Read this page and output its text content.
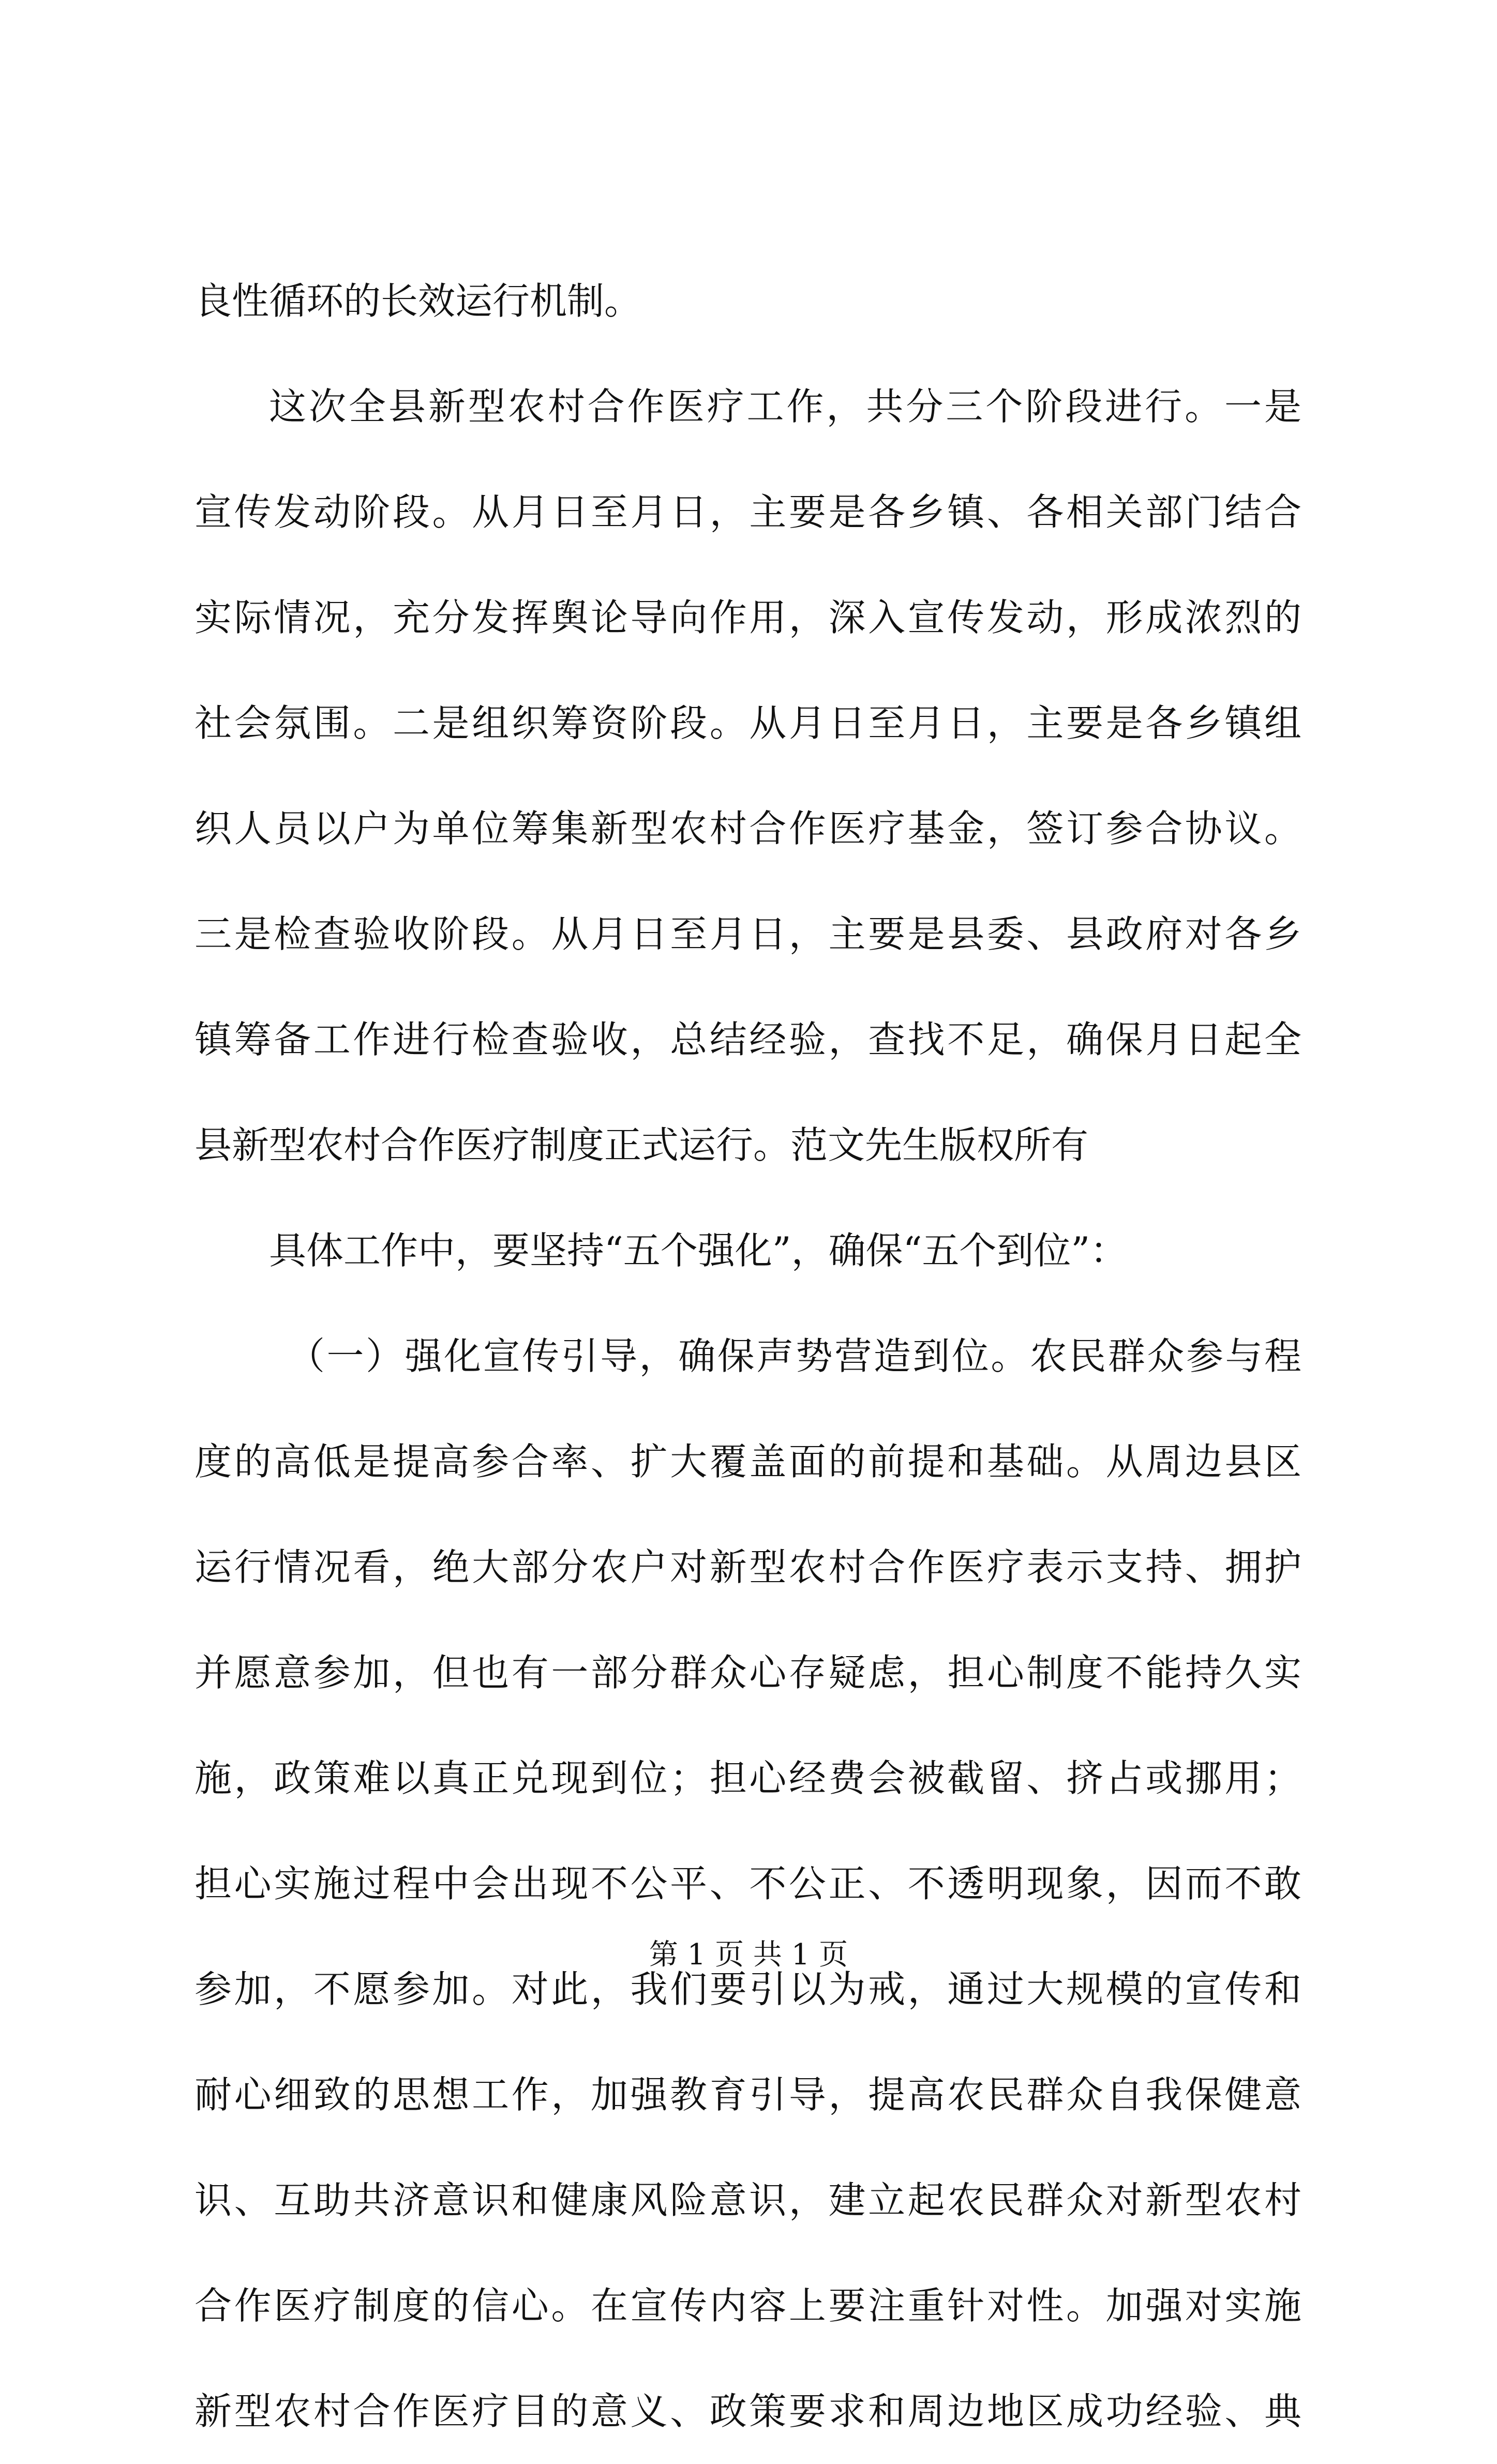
良性循环的长效运行机制。
这次全县新型农村合作医疗工作，共分三个阶段进行。一是
宣传发动阶段。从月日至月日，主要是各乡镇、各相关部门结合
实际情况，充分发挥舆论导向作用，深入宣传发动，形成浓烈的
社会氛围。二是组织筹资阶段。从月日至月日，主要是各乡镇组
织人员以户为单位筹集新型农村合作医疗基金，签订参合协议。
三是检查验收阶段。从月日至月日，主要是县委、县政府对各乡
镇筹备工作进行检查验收，总结经验，查找不足，确保月日起全
县新型农村合作医疗制度正式运行。范文先生版权所有
具体工作中，要坚持“五个强化”，确保“五个到位”：
（一）强化宣传引导，确保声势营造到位。农民群众参与程
度的高低是提高参合率、扩大覆盖面的前提和基础。从周边县区
运行情况看，绝大部分农户对新型农村合作医疗表示支持、拥护
并愿意参加，但也有一部分群众心存疑虑，担心制度不能持久实
施，政策难以真正兑现到位；担心经费会被截留、挤占或挪用；
担心实施过程中会出现不公平、不公正、不透明现象，因而不敢
参加，不愿参加。对此，我们要引以为戒，通过大规模的宣传和
耐心细致的思想工作，加强教育引导，提高农民群众自我保健意
识、互助共济意识和健康风险意识，建立起农民群众对新型农村
合作医疗制度的信心。在宣传内容上要注重针对性。加强对实施
新型农村合作医疗目的意义、政策要求和周边地区成功经验、典
第 1 页 共 1 页
